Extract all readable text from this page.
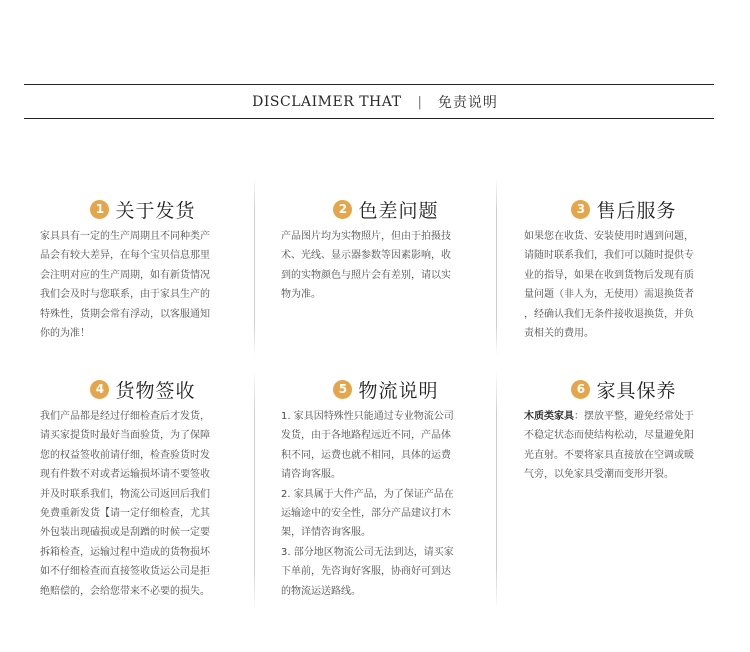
DISCLAIMER THAT | 免责说明
1 关于发货

家具具有一定的生产周期且不同种类产

品会有较大差异，在每个宝贝信息那里

会注明对应的生产周期，如有新货情况

我们会及时与您联系，由于家具生产的

特殊性，货期会常有浮动，以客服通知

你的为准！

2 色差问题

产品图片均为实物照片，但由于拍摄技

术、光线、显示器参数等因素影响，收

到的实物颜色与照片会有差别，请以实

物为准。

3 售后服务

如果您在收货、安装使用时遇到问题，

请随时联系我们，我们可以随时提供专

业的指导，如果在收到货物后发现有质

量问题（非人为，无使用）需退换货者

，经确认我们无条件接收退换货，并负

责相关的费用。

4 货物签收

我们产品都是经过仔细检查后才发货，

请买家提货时最好当面验货，为了保障

您的权益签收前请仔细，检查验货时发

现有件数不对或者运输损坏请不要签收

并及时联系我们，物流公司返回后我们

免费重新发货【请一定仔细检查，尤其

外包装出现磕损或是刮蹭的时候一定要

拆箱检查，运输过程中造成的货物损坏

如不仔细检查而直接签收货运公司是拒

绝赔偿的，会给您带来不必要的损失。

5 物流说明

1. 家具因特殊性只能通过专业物流公司

发货，由于各地路程远近不同，产品体

积不同，运费也就不相同，具体的运费

请咨询客服。

2. 家具属于大件产品，为了保证产品在

运输途中的安全性，部分产品建议打木

架，详情咨询客服。

3. 部分地区物流公司无法到达，请买家

下单前，先咨询好客服，协商好可到达

的物流运送路线。

6 家具保养

木质类家具：摆放平整，避免经常处于

不稳定状态而使结构松动，尽量避免阳

光直射。不要将家具直接放在空调或暖

气旁，以免家具受潮而变形开裂。
